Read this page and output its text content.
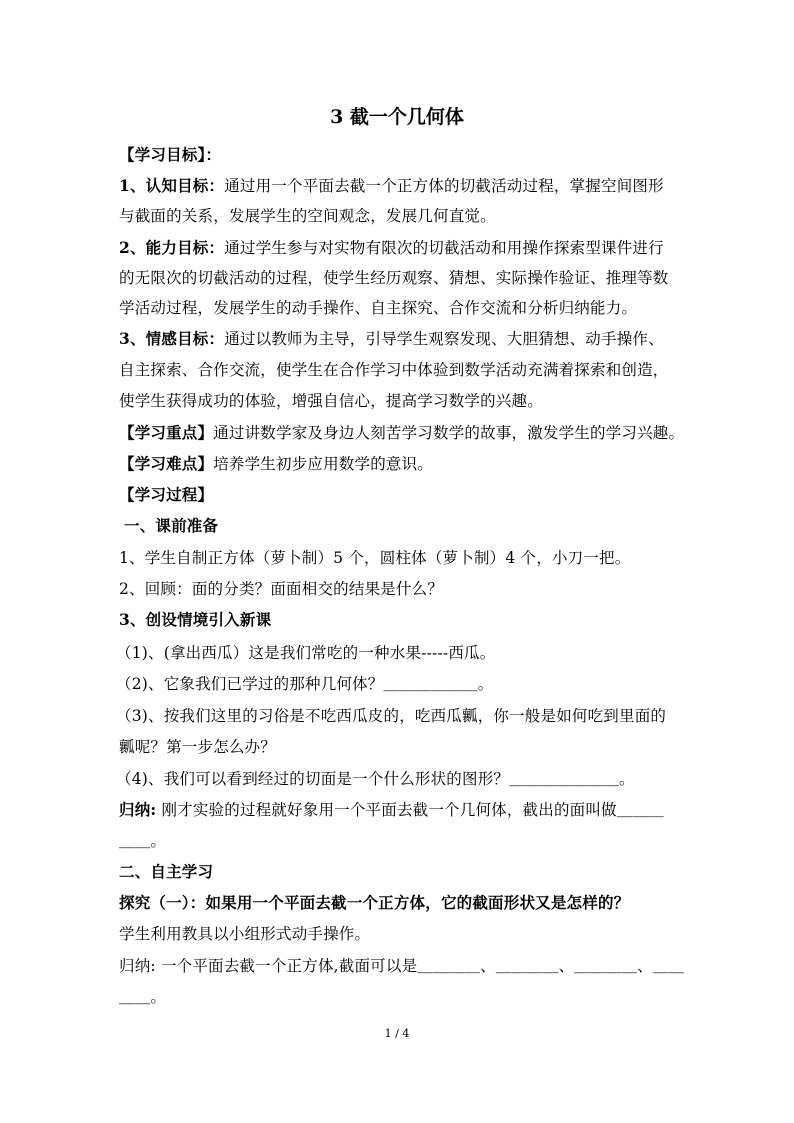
3 截一个几何体
【学习目标】：
1、认知目标：通过用一个平面去截一个正方体的切截活动过程，掌握空间图形
与截面的关系，发展学生的空间观念，发展几何直觉。
2、能力目标：通过学生参与对实物有限次的切截活动和用操作探索型课件进行
的无限次的切截活动的过程，使学生经历观察、猜想、实际操作验证、推理等数
学活动过程，发展学生的动手操作、自主探究、合作交流和分析归纳能力。
3、情感目标：通过以教师为主导，引导学生观察发现、大胆猜想、动手操作、
自主探索、合作交流，使学生在合作学习中体验到数学活动充满着探索和创造，
使学生获得成功的体验，增强自信心，提高学习数学的兴趣。
【学习重点】通过讲数学家及身边人刻苦学习数学的故事，激发学生的学习兴趣。
【学习难点】培养学生初步应用数学的意识。
【学习过程】
一、课前准备
1、学生自制正方体（萝卜制）5 个，圆柱体（萝卜制）4 个，小刀一把。
2、回顾：面的分类？面面相交的结果是什么？
3、创设情境引入新课
（1)、(拿出西瓜）这是我们常吃的一种水果-----西瓜。
（2)、它象我们已学过的那种几何体？＿＿＿＿＿＿。
（3)、按我们这里的习俗是不吃西瓜皮的，吃西瓜瓤，你一般是如何吃到里面的
瓤呢？第一步怎么办？
（4)、我们可以看到经过的切面是一个什么形状的图形？＿＿＿＿＿＿＿。
归纳: 刚才实验的过程就好象用一个平面去截一个几何体，截出的面叫做＿＿＿
＿＿。
二、自主学习
探究（一）：如果用一个平面去截一个正方体，它的截面形状又是怎样的？
学生利用教具以小组形式动手操作。
归纳: 一个平面去截一个正方体,截面可以是＿＿＿＿、＿＿＿＿、＿＿＿＿、＿＿
＿＿。
1 / 4
